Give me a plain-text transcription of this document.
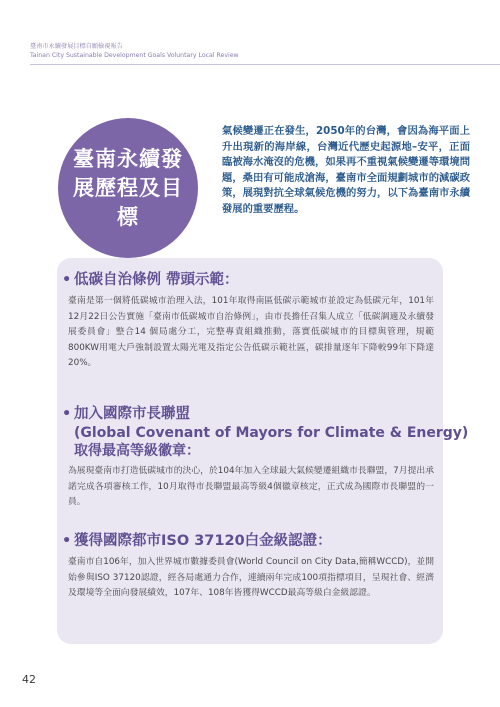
臺南市永續發展目標自願檢視報告
Tainan City Sustainable Development Goals Voluntary Local Review
臺南永續發展歷程及目標
氣候變遷正在發生，2050年的台灣，會因為海平面上升出現新的海岸線，台灣近代歷史起源地–安平，正面臨被海水淹沒的危機，如果再不重視氣候變遷等環境問題，桑田有可能成滄海，臺南市全面規劃城市的減碳政策，展現對抗全球氣候危機的努力，以下為臺南市永續發展的重要歷程。
• 低碳自治條例 帶頭示範：
臺南是第一個將低碳城市治理入法，101年取得南區低碳示範城市並設定為低碳元年，101年12月22日公告實施「臺南市低碳城市自治條例」，由市長擔任召集人成立「低碳調適及永續發展委員會」整合14 個局處分工，完整專責組織推動，落實低碳城市的目標與管理，規範800KW用電大戶強制設置太陽光電及指定公告低碳示範社區，碳排量逐年下降較99年下降達20%。
• 加入國際市長聯盟
(Global Covenant of Mayors for Climate & Energy)
取得最高等級徽章：
為展現臺南市打造低碳城市的決心，於104年加入全球最大氣候變遷組織市長聯盟，7月提出承諾完成各項審核工作，10月取得市長聯盟最高等級4個徽章核定，正式成為國際市長聯盟的一員。
• 獲得國際都市ISO 37120白金級認證：
臺南市自106年，加入世界城市數據委員會(World Council on City Data,簡稱WCCD)，並開始參與ISO 37120認證，經各局處通力合作，連續兩年完成100項指標項目，呈現社會、經濟及環境等全面向發展績效，107年、108年皆獲得WCCD最高等級白金級認證。
42
